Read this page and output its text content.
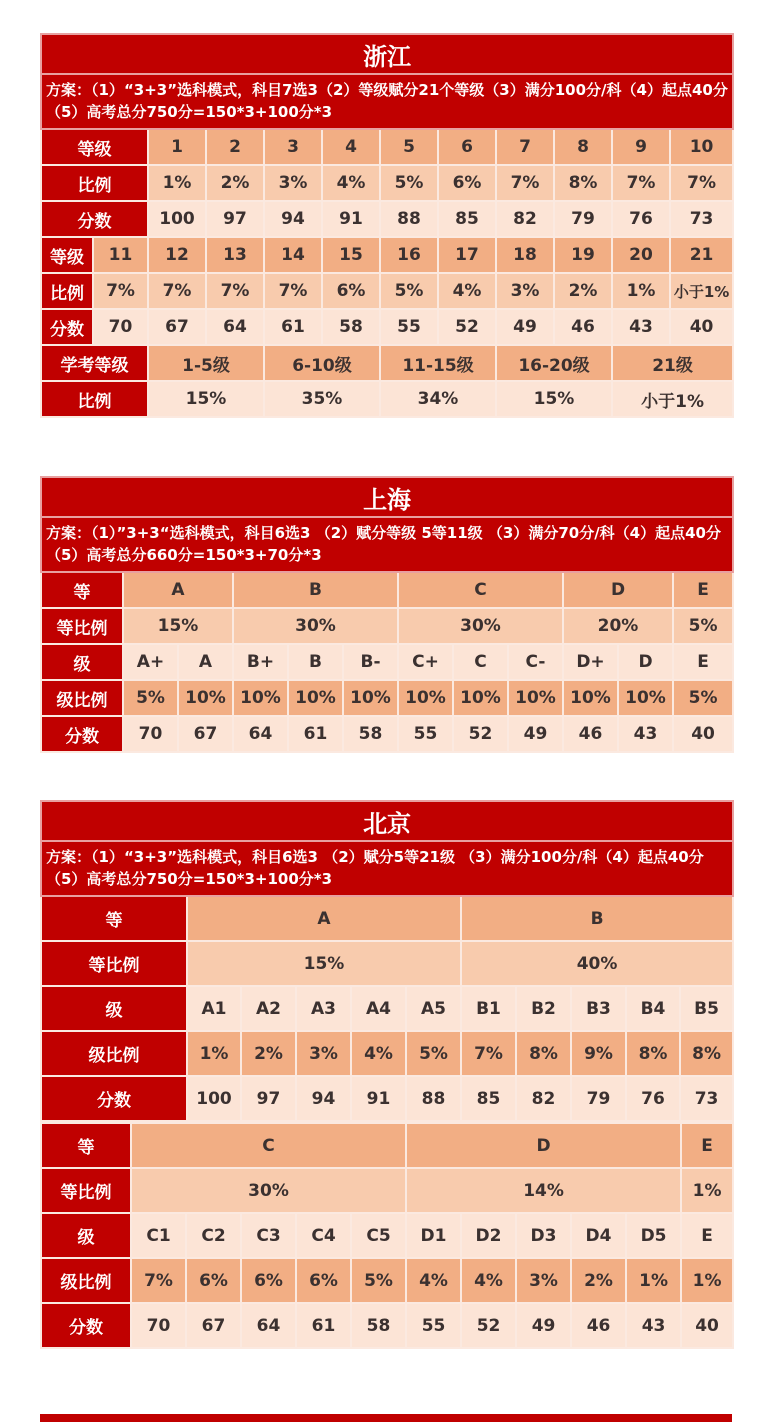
浙江											
方案：（1）“3+3”选科模式，科目7选3（2）等级赋分21个等级（3）满分100分/科（4）起点40分 （5）高考总分750分=150*3+100分*3											
等级		1	2	3	4	5	6	7	8	9	10
比例		1%	2%	3%	4%	5%	6%	7%	8%	7%	7%
分数		100	97	94	91	88	85	82	79	76	73
等级	11	12	13	14	15	16	17	18	19	20	21
比例	7%	7%	7%	7%	6%	5%	4%	3%	2%	1%	小于1%
分数	70	67	64	61	58	55	52	49	46	43	40
学考等级		1-5级		6-10级		11-15级		16-20级		21级	
比例		15%		35%		34%		15%		小于1%	
上海											
方案：（1）”3+3“选科模式，科目6选3 （2）赋分等级 5等11级 （3）满分70分/科（4）起点40分 （5）高考总分660分=150*3+70分*3											
等	A		B			C			D		E
等比例	15%		30%			30%			20%		5%
级	A+	A	B+	B	B-	C+	C	C-	D+	D	E
级比例	5%	10%	10%	10%	10%	10%	10%	10%	10%	10%	5%
分数	70	67	64	61	58	55	52	49	46	43	40
北京										
方案：（1）“3+3”选科模式，科目6选3 （2）赋分5等21级 （3）满分100分/科（4）起点40分 （5）高考总分750分=150*3+100分*3										
等	A					B				
等比例	15%					40%				
级	A1	A2	A3	A4	A5	B1	B2	B3	B4	B5
级比例	1%	2%	3%	4%	5%	7%	8%	9%	8%	8%
分数	100	97	94	91	88	85	82	79	76	73
等	C					D					E
等比例	30%					14%					1%
级	C1	C2	C3	C4	C5	D1	D2	D3	D4	D5	E
级比例	7%	6%	6%	6%	5%	4%	4%	3%	2%	1%	1%
分数	70	67	64	61	58	55	52	49	46	43	40
